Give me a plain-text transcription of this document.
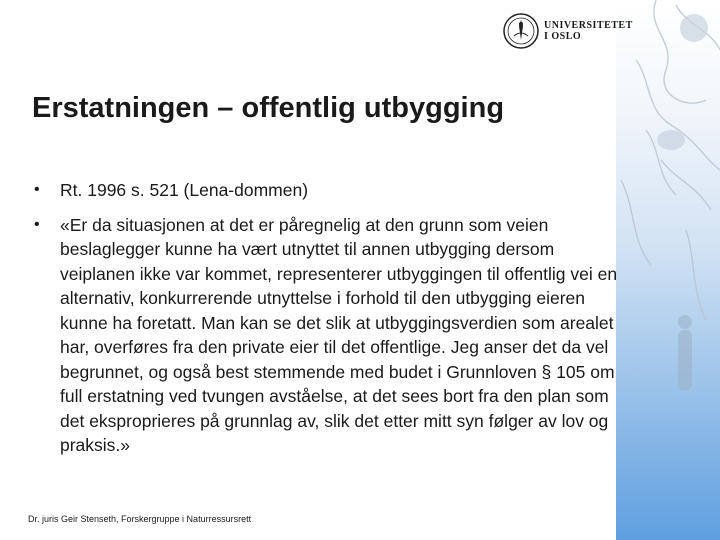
UNIVERSITETET
I OSLO
Erstatningen – offentlig utbygging
• Rt. 1996 s. 521 (Lena-dommen)
• «Er da situasjonen at det er påregnelig at den grunn som veien beslaglegger kunne ha vært utnyttet til annen utbygging dersom veiplanen ikke var kommet, representerer utbyggingen til offentlig vei en alternativ, konkurrerende utnyttelse i forhold til den utbygging eieren kunne ha foretatt. Man kan se det slik at utbyggingsverdien som arealet har, overføres fra den private eier til det offentlige. Jeg anser det da vel begrunnet, og også best stemmende med budet i Grunnloven § 105 om full erstatning ved tvungen avståelse, at det sees bort fra den plan som det eksproprieres på grunnlag av, slik det etter mitt syn følger av lov og praksis.»
Dr. juris Geir Stenseth, Forskergruppe i Naturressursrett
